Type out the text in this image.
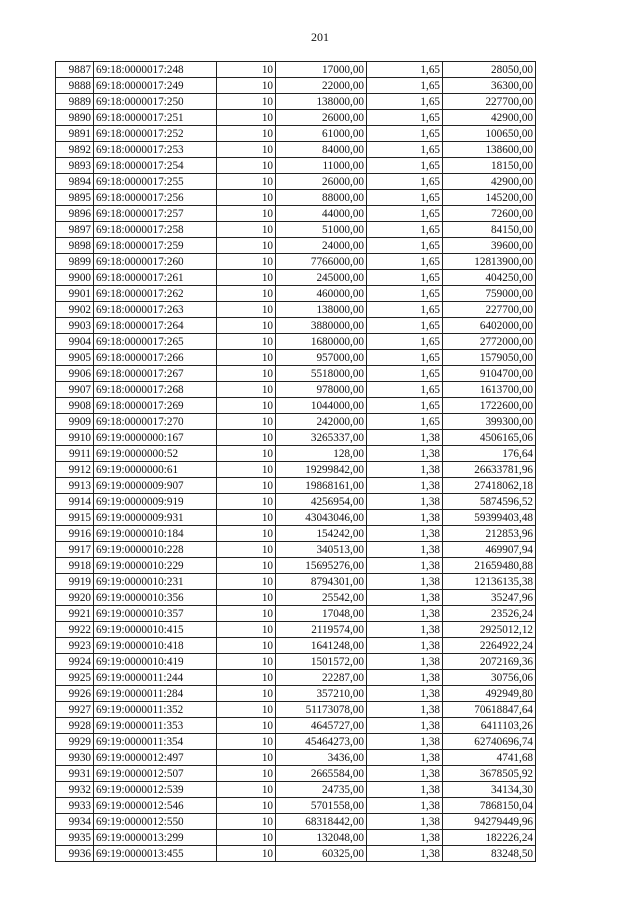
201
9887	69:18:0000017:248	10	17000,00	1,65	28050,00
9888	69:18:0000017:249	10	22000,00	1,65	36300,00
9889	69:18:0000017:250	10	138000,00	1,65	227700,00
9890	69:18:0000017:251	10	26000,00	1,65	42900,00
9891	69:18:0000017:252	10	61000,00	1,65	100650,00
9892	69:18:0000017:253	10	84000,00	1,65	138600,00
9893	69:18:0000017:254	10	11000,00	1,65	18150,00
9894	69:18:0000017:255	10	26000,00	1,65	42900,00
9895	69:18:0000017:256	10	88000,00	1,65	145200,00
9896	69:18:0000017:257	10	44000,00	1,65	72600,00
9897	69:18:0000017:258	10	51000,00	1,65	84150,00
9898	69:18:0000017:259	10	24000,00	1,65	39600,00
9899	69:18:0000017:260	10	7766000,00	1,65	12813900,00
9900	69:18:0000017:261	10	245000,00	1,65	404250,00
9901	69:18:0000017:262	10	460000,00	1,65	759000,00
9902	69:18:0000017:263	10	138000,00	1,65	227700,00
9903	69:18:0000017:264	10	3880000,00	1,65	6402000,00
9904	69:18:0000017:265	10	1680000,00	1,65	2772000,00
9905	69:18:0000017:266	10	957000,00	1,65	1579050,00
9906	69:18:0000017:267	10	5518000,00	1,65	9104700,00
9907	69:18:0000017:268	10	978000,00	1,65	1613700,00
9908	69:18:0000017:269	10	1044000,00	1,65	1722600,00
9909	69:18:0000017:270	10	242000,00	1,65	399300,00
9910	69:19:0000000:167	10	3265337,00	1,38	4506165,06
9911	69:19:0000000:52	10	128,00	1,38	176,64
9912	69:19:0000000:61	10	19299842,00	1,38	26633781,96
9913	69:19:0000009:907	10	19868161,00	1,38	27418062,18
9914	69:19:0000009:919	10	4256954,00	1,38	5874596,52
9915	69:19:0000009:931	10	43043046,00	1,38	59399403,48
9916	69:19:0000010:184	10	154242,00	1,38	212853,96
9917	69:19:0000010:228	10	340513,00	1,38	469907,94
9918	69:19:0000010:229	10	15695276,00	1,38	21659480,88
9919	69:19:0000010:231	10	8794301,00	1,38	12136135,38
9920	69:19:0000010:356	10	25542,00	1,38	35247,96
9921	69:19:0000010:357	10	17048,00	1,38	23526,24
9922	69:19:0000010:415	10	2119574,00	1,38	2925012,12
9923	69:19:0000010:418	10	1641248,00	1,38	2264922,24
9924	69:19:0000010:419	10	1501572,00	1,38	2072169,36
9925	69:19:0000011:244	10	22287,00	1,38	30756,06
9926	69:19:0000011:284	10	357210,00	1,38	492949,80
9927	69:19:0000011:352	10	51173078,00	1,38	70618847,64
9928	69:19:0000011:353	10	4645727,00	1,38	6411103,26
9929	69:19:0000011:354	10	45464273,00	1,38	62740696,74
9930	69:19:0000012:497	10	3436,00	1,38	4741,68
9931	69:19:0000012:507	10	2665584,00	1,38	3678505,92
9932	69:19:0000012:539	10	24735,00	1,38	34134,30
9933	69:19:0000012:546	10	5701558,00	1,38	7868150,04
9934	69:19:0000012:550	10	68318442,00	1,38	94279449,96
9935	69:19:0000013:299	10	132048,00	1,38	182226,24
9936	69:19:0000013:455	10	60325,00	1,38	83248,50
